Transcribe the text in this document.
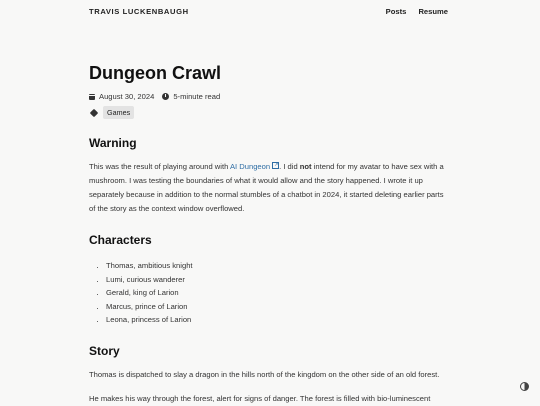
TRAVIS LUCKENBAUGH	Posts Resume
Dungeon Crawl
August 30, 2024	5-minute read
Games
Warning

This was the result of playing around with AI Dungeon↗ . I did not intend for my avatar to have sex with a mushroom. I was testing the boundaries of what it would allow and the story happened. I wrote it up separately because in addition to the normal stumbles of a chatbot in 2024, it started deleting earlier parts of the story as the context window overflowed.

Characters
• Thomas, ambitious knight
• Lumi, curious wanderer
• Gerald, king of Larion
• Marcus, prince of Larion
• Leona, princess of Larion
Story

Thomas is dispatched to slay a dragon in the hills north of the kingdom on the other side of an old forest.

He makes his way through the forest, alert for signs of danger. The forest is filled with bio-luminescent
